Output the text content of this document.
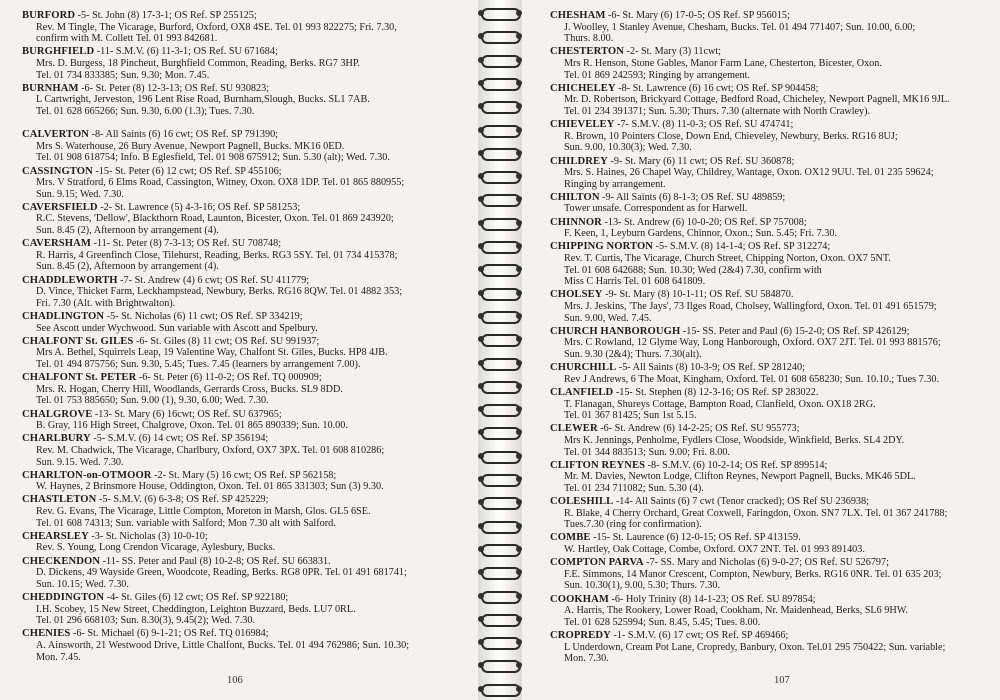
BURFORD -5- St. John (8) 17-3-1; OS Ref. SP 255125;
Rev. M Tingle, The Vicarage, Burford, Oxford, OX8 4SE. Tel. 01 993 822275; Fri. 7.30,
confirm with M. Collett Tel. 01 993 842681.
BURGHFIELD -11- S.M.V. (6) 11-3-1; OS Ref. SU 671684;
Mrs. D. Burgess, 18 Pincheut, Burghfield Common, Reading, Berks. RG7 3HP.
Tel. 01 734 833385; Sun. 9.30; Mon. 7.45.
BURNHAM -6- St. Peter (8) 12-3-13; OS Ref. SU 930823;
L Cartwright, Jerveston, 196 Lent Rise Road, Burnham,Slough, Bucks. SL1 7AB.
Tel. 01 628 665266; Sun. 9.30, 6.00 (1.3); Tues. 7.30.
CALVERTON -8- All Saints (6) 16 cwt; OS Ref. SP 791390;
Mrs S. Waterhouse, 26 Bury Avenue, Newport Pagnell, Bucks. MK16 0ED.
Tel. 01 908 618754; Info. B Eglesfield, Tel. 01 908 675912; Sun. 5.30 (alt); Wed. 7.30.
CASSINGTON -15- St. Peter (6) 12 cwt; OS Ref. SP 455106;
Mrs. V Stratford, 6 Elms Road, Cassington, Witney, Oxon. OX8 1DP. Tel. 01 865 880955;
Sun. 9.15; Wed. 7.30.
CAVERSFIELD -2- St. Lawrence (5) 4-3-16; OS Ref. SP 581253;
R.C. Stevens, 'Dellow', Blackthorn Road, Launton, Bicester, Oxon. Tel. 01 869 243920;
Sun. 8.45 (2), Afternoon by arrangement (4).
CAVERSHAM -11- St. Peter (8) 7-3-13; OS Ref. SU 708748;
R. Harris, 4 Greenfinch Close, Tilehurst, Reading, Berks. RG3 5SY. Tel. 01 734 415378;
Sun. 8.45 (2), Afternoon by arrangement (4).
CHADDLEWORTH -7- St. Andrew (4) 6 cwt; OS Ref. SU 411779;
D. Vince, Thicket Farm, Leckhampstead, Newbury, Berks. RG16 8QW. Tel. 01 4882 353;
Fri. 7.30 (Alt. with Brightwalton).
CHADLINGTON -5- St. Nicholas (6) 11 cwt; OS Ref. SP 334219;
See Ascott under Wychwood. Sun variable with Ascott and Spelbury.
CHALFONT St. GILES -6- St. Giles (8) 11 cwt; OS Ref. SU 991937;
Mrs A. Bethel, Squirrels Leap, 19 Valentine Way, Chalfont St. Giles, Bucks. HP8 4JB.
Tel. 01 494 875756; Sun. 9.30, 5.45; Tues. 7.45 (learners by arrangement 7.00).
CHALFONT St. PETER -6- St. Peter (6) 11-0-2; OS Ref. TQ 000909;
Mrs. R. Hogan, Cherry Hill, Woodlands, Gerrards Cross, Bucks. SL9 8DD.
Tel. 01 753 885650; Sun. 9.00 (1), 9.30, 6.00; Wed. 7.30.
CHALGROVE -13- St. Mary (6) 16cwt; OS Ref. SU 637965;
B. Gray, 116 High Street, Chalgrove, Oxon. Tel. 01 865 890339; Sun. 10.00.
CHARLBURY -5- S.M.V. (6) 14 cwt; OS Ref. SP 356194;
Rev. M. Chadwick, The Vicarage, Charlbury, Oxford, OX7 3PX. Tel. 01 608 810286;
Sun. 9.15. Wed. 7.30.
CHARLTON-on-OTMOOR -2- St. Mary (5) 16 cwt; OS Ref. SP 562158;
W. Haynes, 2 Brinsmore House, Oddington, Oxon. Tel. 01 865 331303; Sun (3) 9.30.
CHASTLETON -5- S.M.V. (6) 6-3-8; OS Ref. SP 425229;
Rev. G. Evans, The Vicarage, Little Compton, Moreton in Marsh, Glos. GL5 6SE.
Tel. 01 608 74313; Sun. variable with Salford; Mon 7.30 alt with Salford.
CHEARSLEY -3- St. Nicholas (3) 10-0-10;
Rev. S. Young, Long Crendon Vicarage, Aylesbury, Bucks.
CHECKENDON -11- SS. Peter and Paul (8) 10-2-8; OS Ref. SU 663831.
D. Dickens, 49 Wayside Green, Woodcote, Reading, Berks. RG8 0PR. Tel. 01 491 681741;
Sun. 10.15; Wed. 7.30.
CHEDDINGTON -4- St. Giles (6) 12 cwt; OS Ref. SP 922180;
I.H. Scobey, 15 New Street, Cheddington, Leighton Buzzard, Beds. LU7 0RL.
Tel. 01 296 668103; Sun. 8.30(3), 9.45(2); Wed. 7.30.
CHENIES -6- St. Michael (6) 9-1-21; OS Ref. TQ 016984;
A. Ainsworth, 21 Westwood Drive, Little Chalfont, Bucks. Tel. 01 494 762986; Sun. 10.30;
Mon. 7.45.
106
CHESHAM -6- St. Mary (6) 17-0-5; OS Ref. SP 956015;
J. Woolley, 1 Stanley Avenue, Chesham, Bucks. Tel. 01 494 771407; Sun. 10.00, 6.00;
Thurs. 8.00.
CHESTERTON -2- St. Mary (3) 11cwt;
Mrs R. Henson, Stone Gables, Manor Farm Lane, Chesterton, Bicester, Oxon.
Tel. 01 869 242593; Ringing by arrangement.
CHICHELEY -8- St. Lawrence (6) 16 cwt; OS Ref. SP 904458;
Mr. D. Robertson, Brickyard Cottage, Bedford Road, Chicheley, Newport Pagnell, MK16 9JL.
Tel. 01 234 391371; Sun. 5.30; Thurs. 7.30 (alternate with North Crawley).
CHIEVELEY -7- S.M.V. (8) 11-0-3; OS Ref. SU 474741;
R. Brown, 10 Pointers Close, Down End, Chieveley, Newbury, Berks. RG16 8UJ;
Sun. 9.00, 10.30(3); Wed. 7.30.
CHILDREY -9- St. Mary (6) 11 cwt; OS Ref. SU 360878;
Mrs. S. Haines, 26 Chapel Way, Childrey, Wantage, Oxon. OX12 9UU. Tel. 01 235 59624;
Ringing by arrangement.
CHILTON -9- All Saints (6) 8-1-3; OS Ref. SU 489859;
Tower unsafe. Correspondent as for Harwell.
CHINNOR -13- St. Andrew (6) 10-0-20; OS Ref. SP 757008;
F. Keen, 1, Leyburn Gardens, Chinnor, Oxon.; Sun. 5.45; Fri. 7.30.
CHIPPING NORTON -5- S.M.V. (8) 14-1-4; OS Ref. SP 312274;
Rev. T. Curtis, The Vicarage, Church Street, Chipping Norton, Oxon. OX7 5NT.
Tel. 01 608 642688; Sun. 10.30; Wed (2&4) 7.30, confirm with
Miss C Harris Tel. 01 608 641809.
CHOLSEY -9- St. Mary (8) 10-1-11; OS Ref. SU 584870.
Mrs. J. Jeskins, 'The Jays', 73 Ilges Road, Cholsey, Wallingford, Oxon. Tel. 01 491 651579;
Sun. 9.00, Wed. 7.45.
CHURCH HANBOROUGH -15- SS. Peter and Paul (6) 15-2-0; OS Ref. SP 426129;
Mrs. C Rowland, 12 Glyme Way, Long Hanborough, Oxford. OX7 2JT. Tel. 01 993 881576;
Sun. 9.30 (2&4); Thurs. 7.30(alt).
CHURCHILL -5- All Saints (8) 10-3-9; OS Ref. SP 281240;
Rev J Andrews, 6 The Moat, Kingham, Oxford. Tel. 01 608 658230; Sun. 10.10.; Tues 7.30.
CLANFIELD -15- St. Stephen (8) 12-3-16; OS Ref. SP 283022.
T. Flanagan, Shureys Cottage, Bampton Road, Clanfield, Oxon. OX18 2RG.
Tel. 01 367 81425; Sun 1st 5.15.
CLEWER -6- St. Andrew (6) 14-2-25; OS Ref. SU 955773;
Mrs K. Jennings, Penholme, Fydlers Close, Woodside, Winkfield, Berks. SL4 2DY.
Tel. 01 344 883513; Sun. 9.00; Fri. 8.00.
CLIFTON REYNES -8- S.M.V. (6) 10-2-14; OS Ref. SP 899514;
Mr. M. Davies, Newton Lodge, Clifton Reynes, Newport Pagnell, Bucks. MK46 5DL.
Tel. 01 234 711082; Sun. 5.30 (4).
COLESHILL -14- All Saints (6) 7 cwt (Tenor cracked); OS Ref SU 236938;
R. Blake, 4 Cherry Orchard, Great Coxwell, Faringdon, Oxon. SN7 7LX. Tel. 01 367 241788;
Tues.7.30 (ring for confirmation).
COMBE -15- St. Laurence (6) 12-0-15; OS Ref. SP 413159.
W. Hartley, Oak Cottage, Combe, Oxford. OX7 2NT. Tel. 01 993 891403.
COMPTON PARVA -7- SS. Mary and Nicholas (6) 9-0-27; OS Ref. SU 526797;
F.E. Simmons, 14 Manor Crescent, Compton, Newbury, Berks. RG16 0NR. Tel. 01 635 203;
Sun. 10.30(1), 9.00, 5.30; Thurs. 7.30.
COOKHAM -6- Holy Trinity (8) 14-1-23; OS Ref. SU 897854;
A. Harris, The Rookery, Lower Road, Cookham, Nr. Maidenhead, Berks, SL6 9HW.
Tel. 01 628 525994; Sun. 8.45, 5.45; Tues. 8.00.
CROPREDY -1- S.M.V. (6) 17 cwt; OS Ref. SP 469466;
L Underdown, Cream Pot Lane, Cropredy, Banbury, Oxon. Tel.01 295 750422; Sun. variable;
Mon. 7.30.
107
